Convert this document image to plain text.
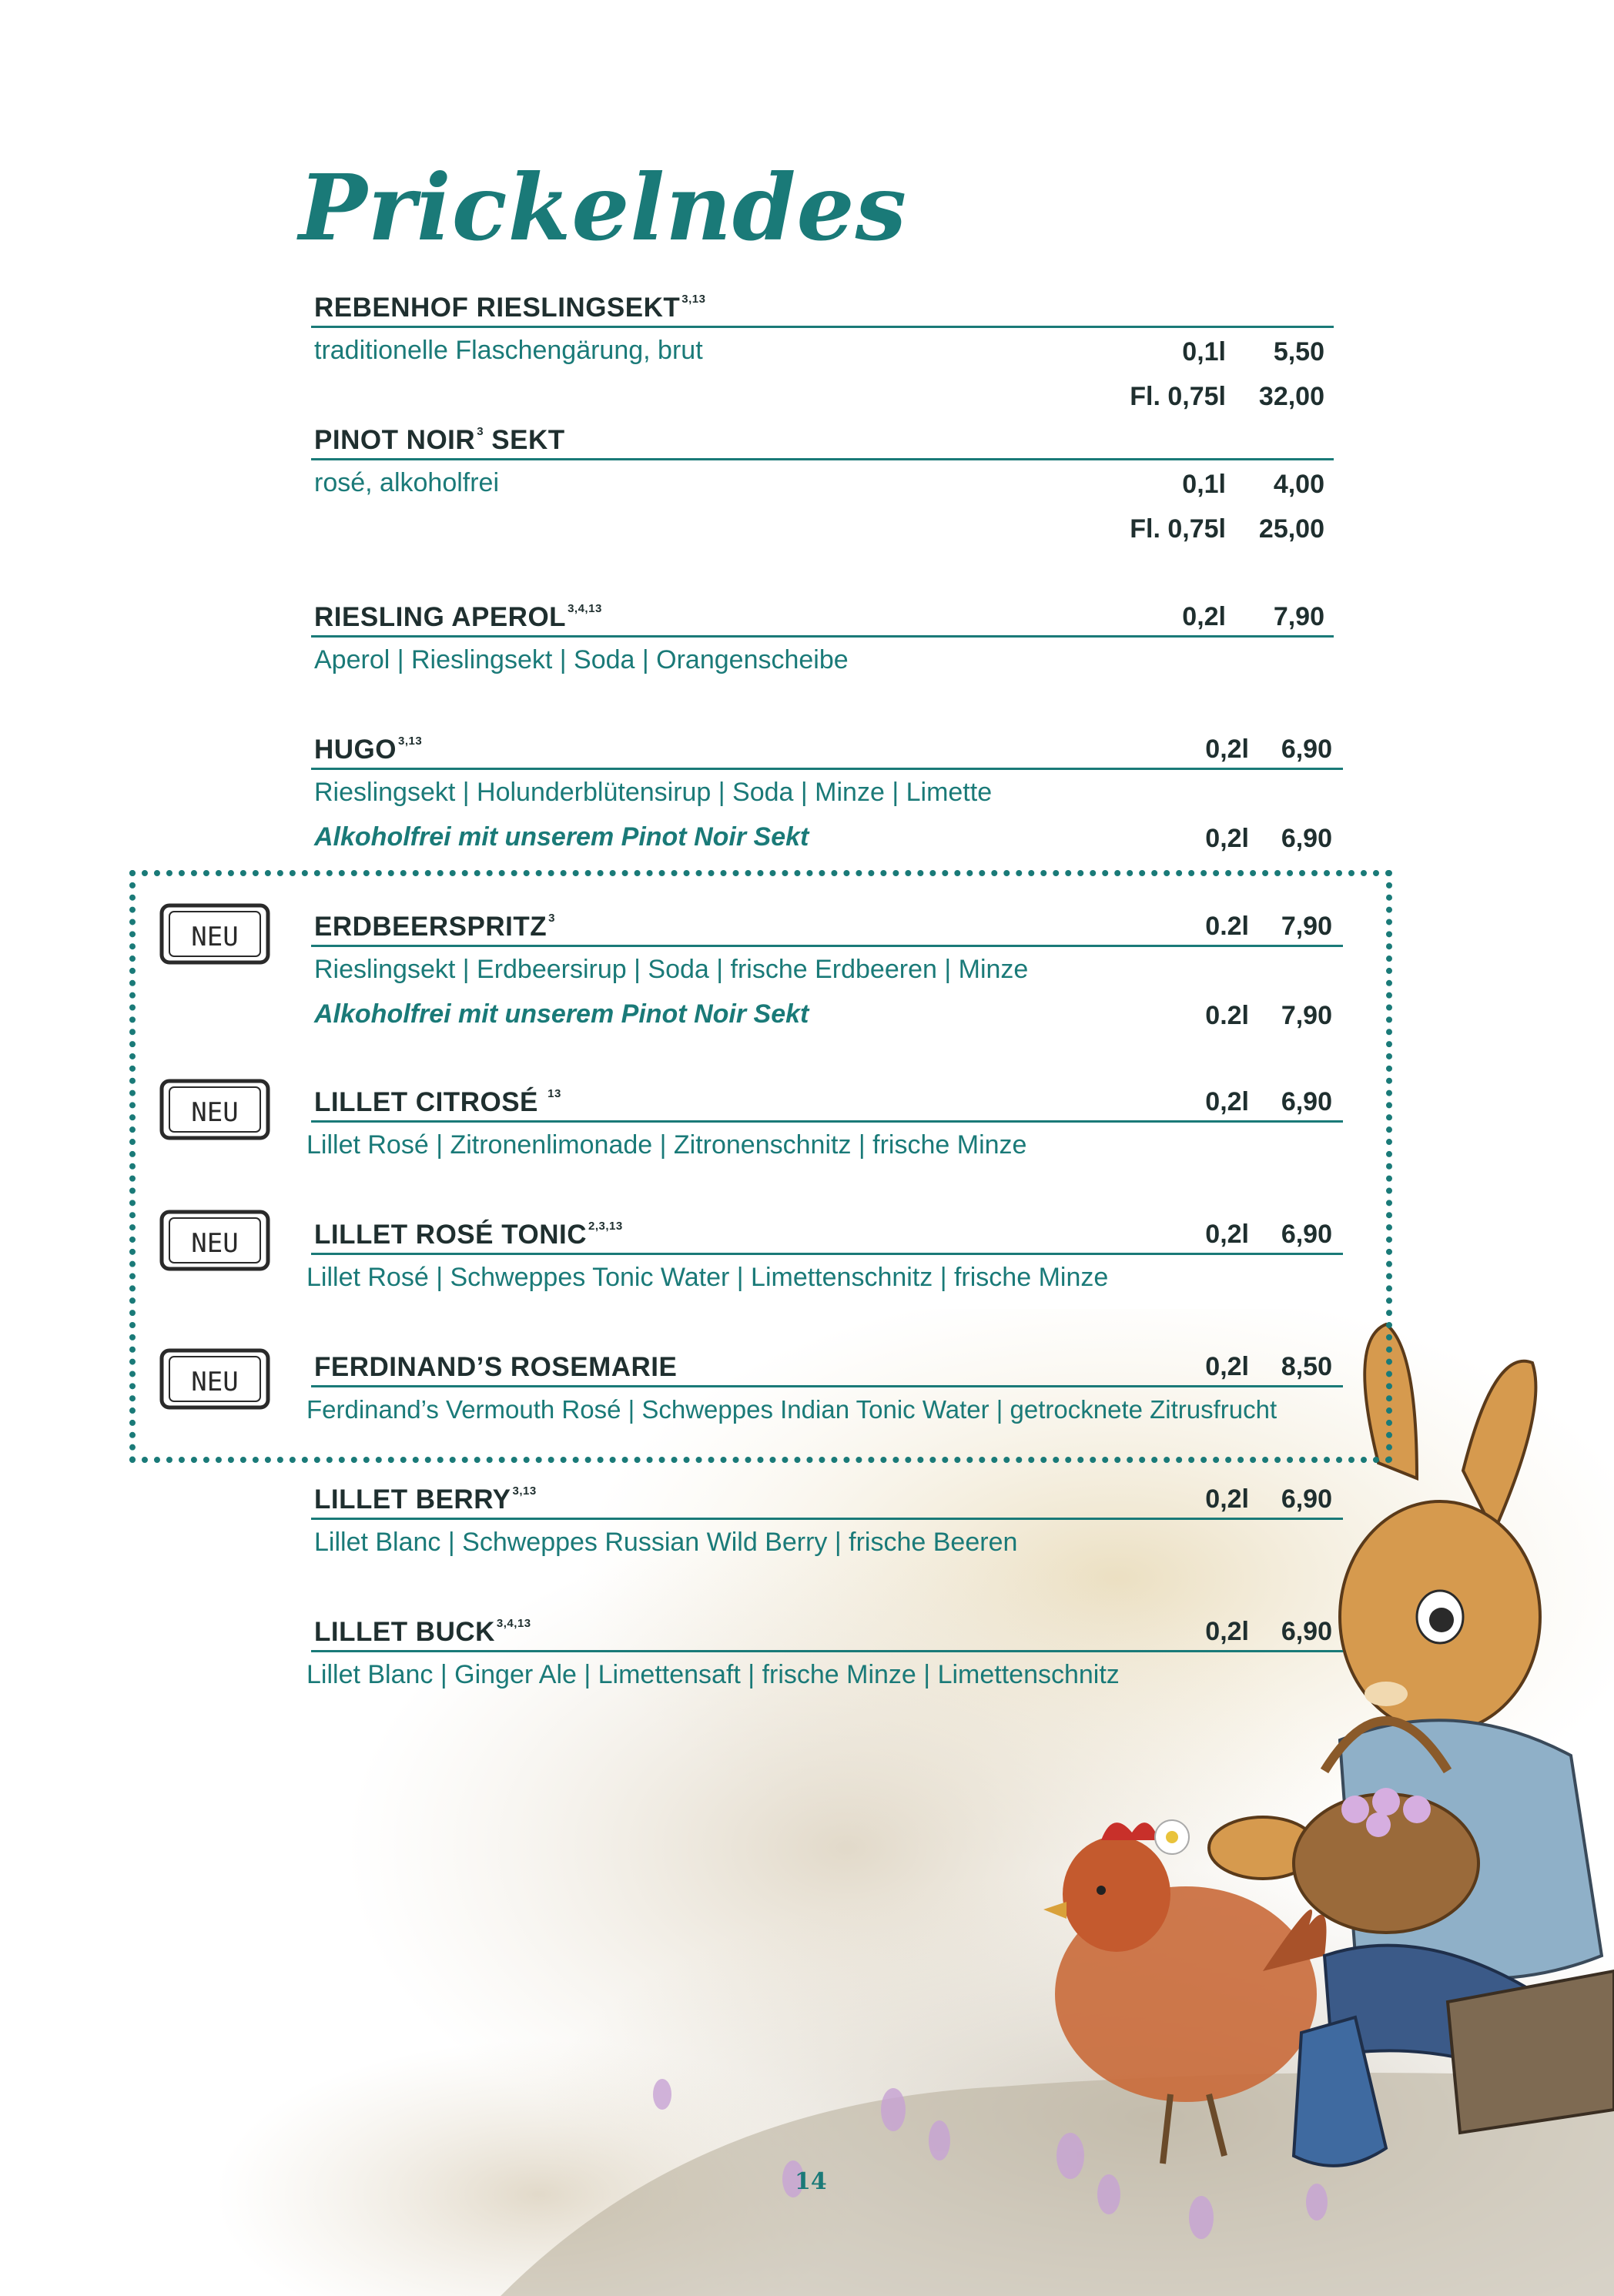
Prickelndes
NEU
NEU
NEU
NEU
REBENHOF RIESLINGSEKT $^{3,13}$
traditionelle Flaschengärung, brut	0,1l	5,50
Fl. 0,75l	32,00
PINOT NOIR $^3$ SEKT
rosé, alkoholfrei	0,1l	4,00
Fl. 0,75l	25,00
RIESLING APEROL $^{3,4,13}$	0,2l	7,90
Aperol | Rieslingsekt | Soda | Orangenscheibe
HUGO $^{3,13}$	0,2l	6,90
Rieslingsekt | Holunderblütensirup | Soda | Minze | Limette
Alkoholfrei mit unserem Pinot Noir Sekt	0,2l	6,90
ERDBEERSPRITZ $^3$	0.2l	7,90
Rieslingsekt | Erdbeersirup | Soda | frische Erdbeeren | Minze
Alkoholfrei mit unserem Pinot Noir Sekt	0.2l	7,90
LILLET CITROSÉ $^{13}$	0,2l	6,90
Lillet Rosé | Zitronenlimonade | Zitronenschnitz | frische Minze
LILLET ROSÉ TONIC $^{2,3,13}$	0,2l	6,90
Lillet Rosé | Schweppes Tonic Water | Limettenschnitz | frische Minze
FERDINAND’S ROSEMARIE	0,2l	8,50
Ferdinand’s Vermouth Rosé | Schweppes Indian Tonic Water | getrocknete Zitrusfrucht
LILLET BERRY $^{3,13}$	0,2l	6,90
Lillet Blanc | Schweppes Russian Wild Berry | frische Beeren
LILLET BUCK $^{3,4,13}$	0,2l	6,90
Lillet Blanc | Ginger Ale | Limettensaft | frische Minze | Limettenschnitz
14
